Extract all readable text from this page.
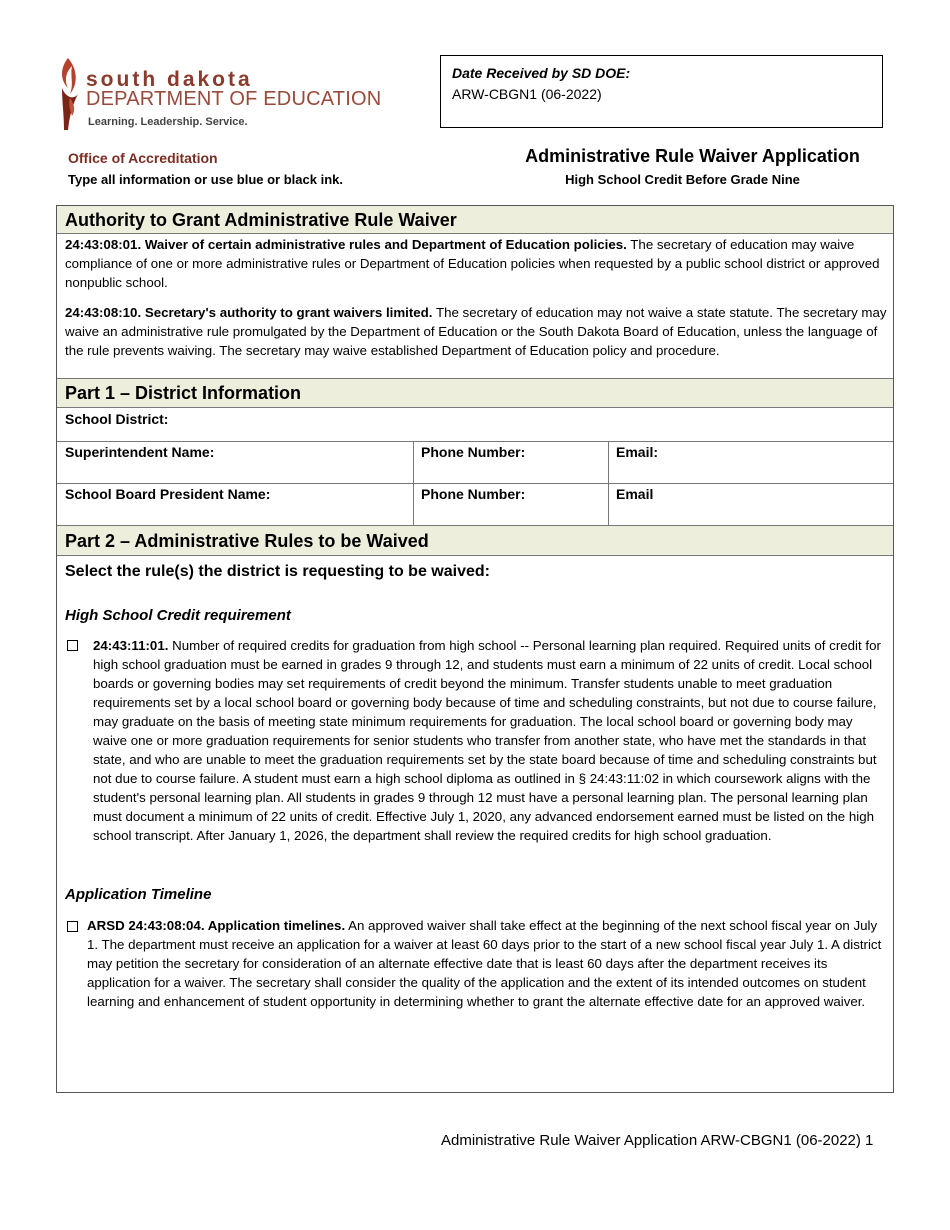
south dakota
DEPARTMENT OF EDUCATION
Learning. Leadership. Service.
Date Received by SD DOE:
ARW-CBGN1 (06-2022)
Office of Accreditation
Type all information or use blue or black ink.
Administrative Rule Waiver Application
High School Credit Before Grade Nine
Authority to Grant Administrative Rule Waiver
24:43:08:01. Waiver of certain administrative rules and Department of Education policies. The secretary of education may waive compliance of one or more administrative rules or Department of Education policies when requested by a public school district or approved nonpublic school.
24:43:08:10. Secretary's authority to grant waivers limited. The secretary of education may not waive a state statute. The secretary may waive an administrative rule promulgated by the Department of Education or the South Dakota Board of Education, unless the language of the rule prevents waiving. The secretary may waive established Department of Education policy and procedure.
Part 1 – District Information
School District:
Superintendent Name:	Phone Number:	Email:
School Board President Name:	Phone Number:	Email
Part 2 – Administrative Rules to be Waived
Select the rule(s) the district is requesting to be waived:
High School Credit requirement
24:43:11:01. Number of required credits for graduation from high school -- Personal learning plan required. Required units of credit for high school graduation must be earned in grades 9 through 12, and students must earn a minimum of 22 units of credit. Local school boards or governing bodies may set requirements of credit beyond the minimum. Transfer students unable to meet graduation requirements set by a local school board or governing body because of time and scheduling constraints, but not due to course failure, may graduate on the basis of meeting state minimum requirements for graduation. The local school board or governing body may waive one or more graduation requirements for senior students who transfer from another state, who have met the standards in that state, and who are unable to meet the graduation requirements set by the state board because of time and scheduling constraints but not due to course failure. A student must earn a high school diploma as outlined in § 24:43:11:02 in which coursework aligns with the student's personal learning plan. All students in grades 9 through 12 must have a personal learning plan. The personal learning plan must document a minimum of 22 units of credit. Effective July 1, 2020, any advanced endorsement earned must be listed on the high school transcript. After January 1, 2026, the department shall review the required credits for high school graduation.
Application Timeline
ARSD 24:43:08:04. Application timelines. An approved waiver shall take effect at the beginning of the next school fiscal year on July 1. The department must receive an application for a waiver at least 60 days prior to the start of a new school fiscal year July 1. A district may petition the secretary for consideration of an alternate effective date that is least 60 days after the department receives its application for a waiver. The secretary shall consider the quality of the application and the extent of its intended outcomes on student learning and enhancement of student opportunity in determining whether to grant the alternate effective date for an approved waiver.
Administrative Rule Waiver Application ARW-CBGN1 (06-2022) 1
